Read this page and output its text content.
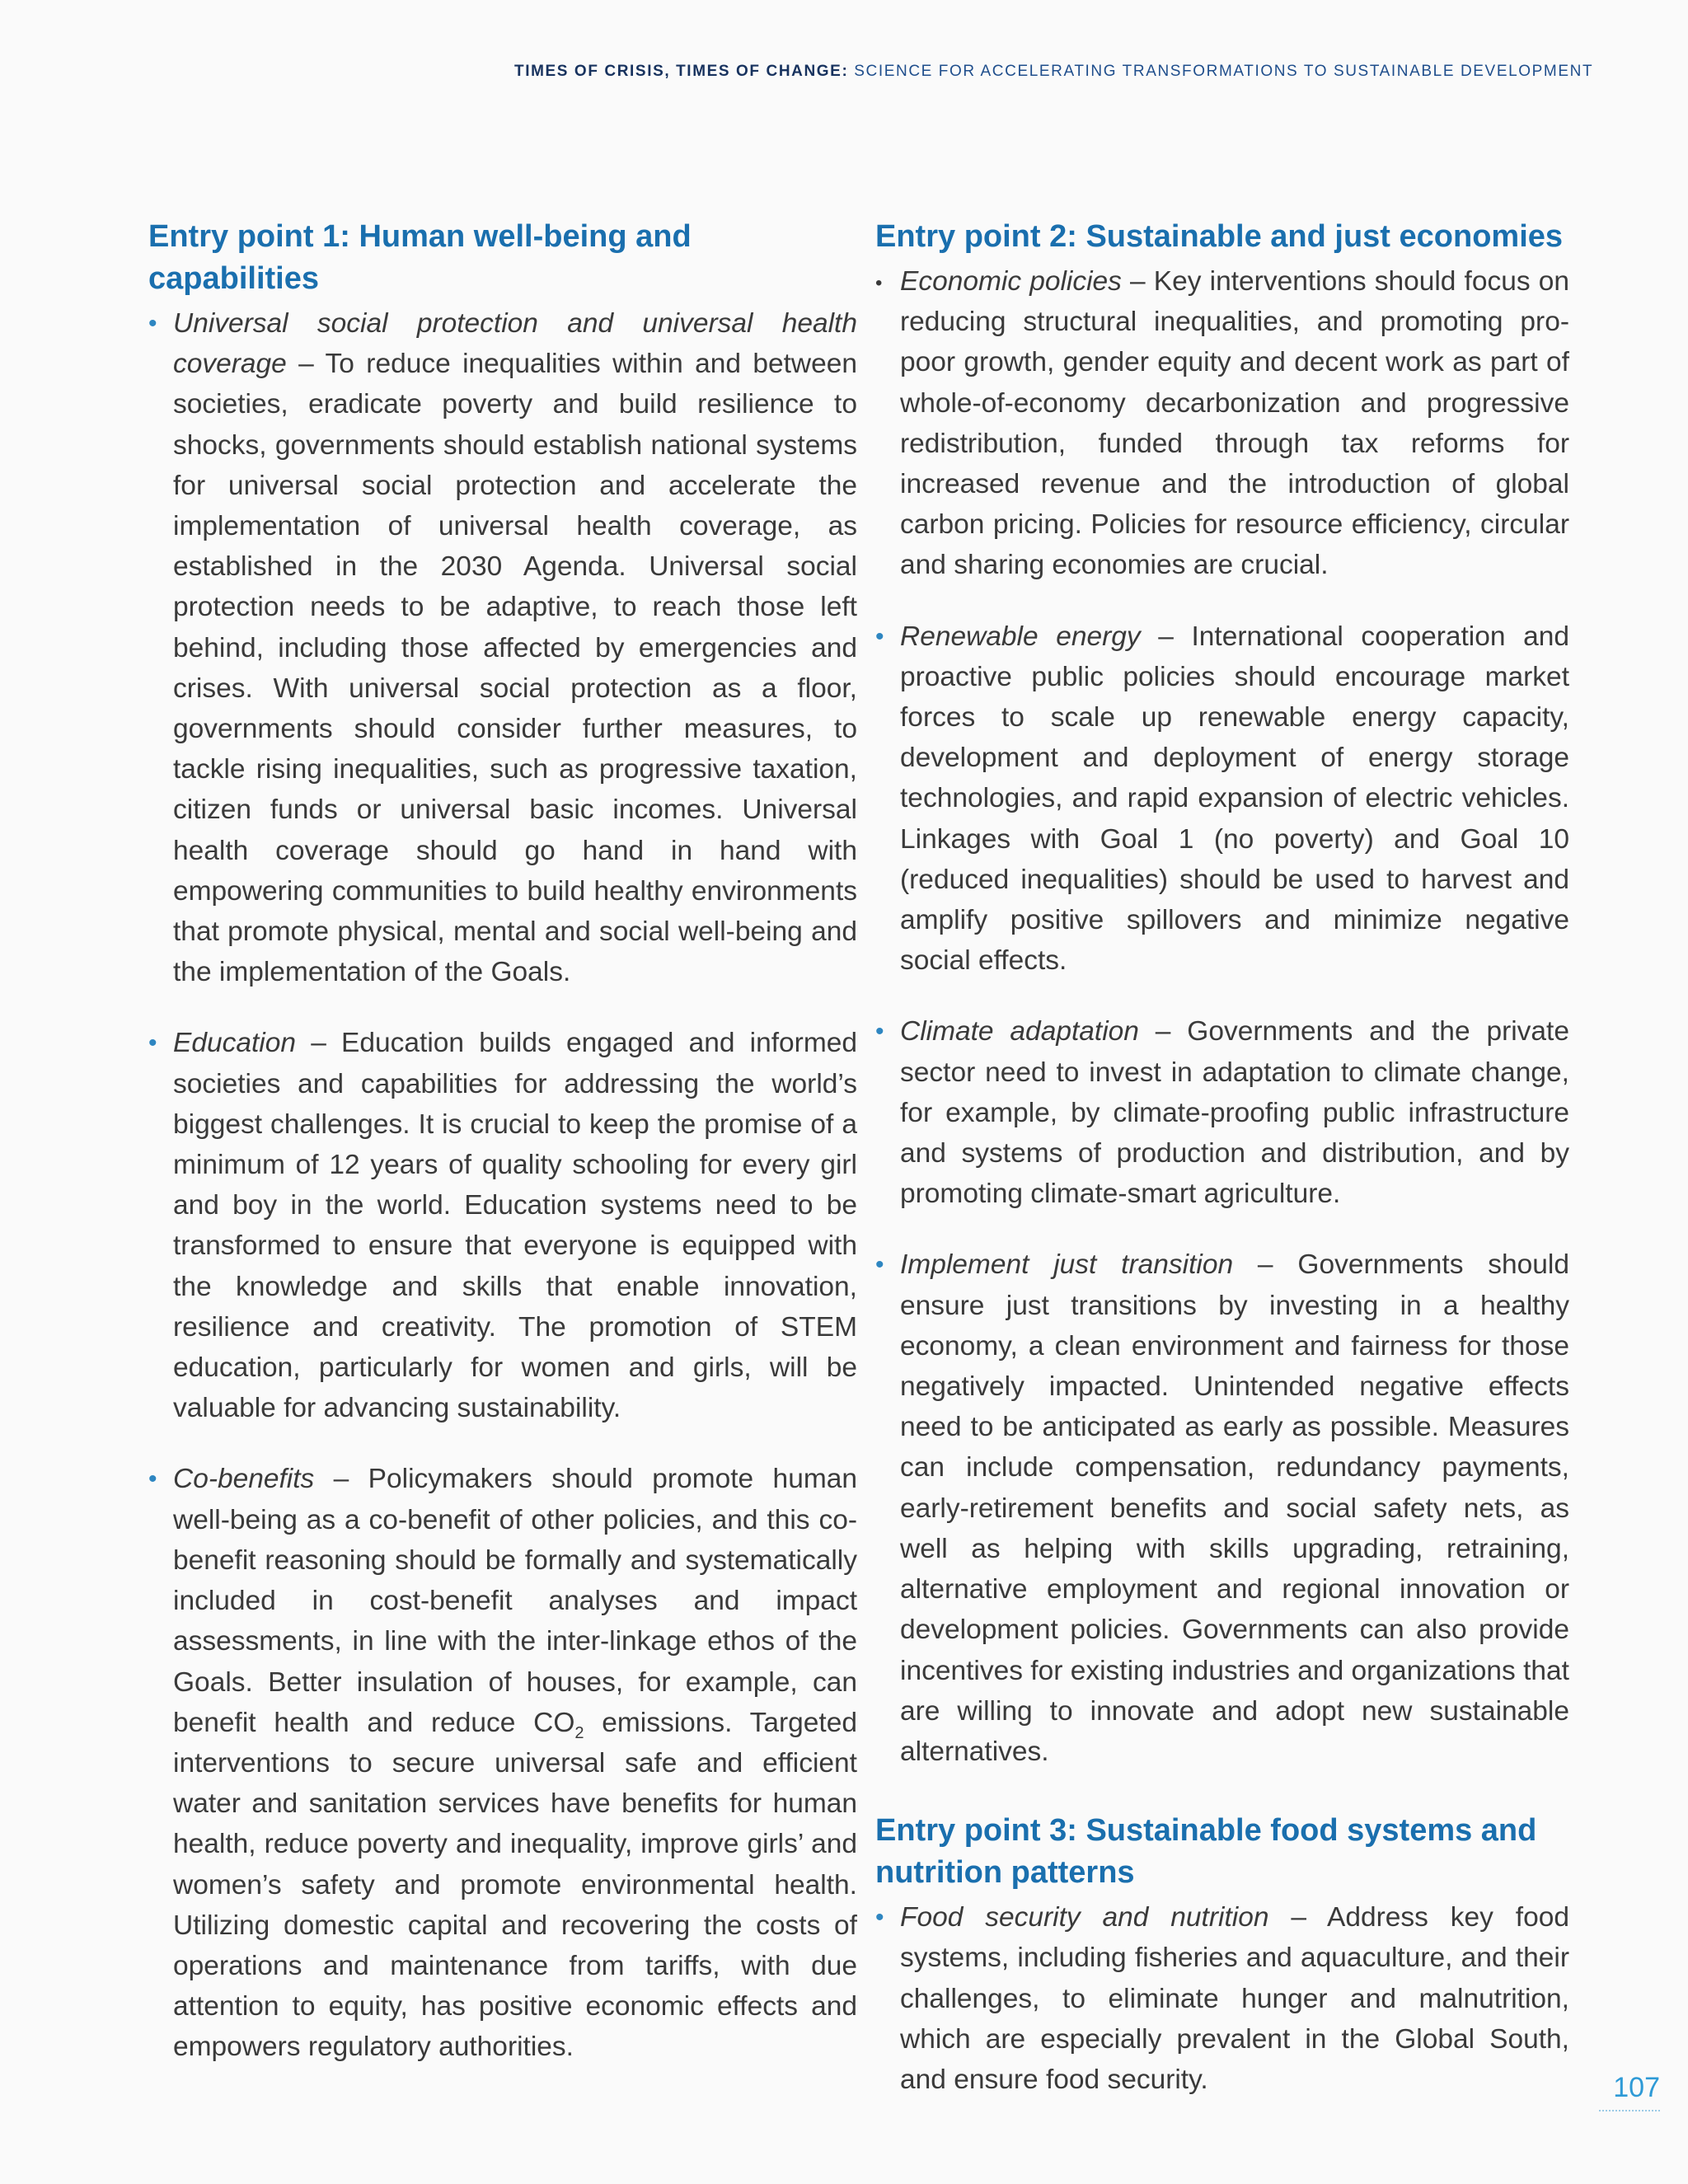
TIMES OF CRISIS, TIMES OF CHANGE: SCIENCE FOR ACCELERATING TRANSFORMATIONS TO SUSTAINABLE DEVELOPMENT
Entry point 1: Human well-being and capabilities
• Universal social protection and universal health coverage – To reduce inequalities within and between societies, eradicate poverty and build resilience to shocks, governments should establish national systems for universal social protection and accelerate the implementation of universal health coverage, as established in the 2030 Agenda. Universal social protection needs to be adaptive, to reach those left behind, including those affected by emergencies and crises. With universal social protection as a floor, governments should consider further measures, to tackle rising inequalities, such as progressive taxation, citizen funds or universal basic incomes. Universal health coverage should go hand in hand with empowering communities to build healthy environments that promote physical, mental and social well-being and the implementation of the Goals.
• Education – Education builds engaged and informed societies and capabilities for addressing the world’s biggest challenges. It is crucial to keep the promise of a minimum of 12 years of quality schooling for every girl and boy in the world. Education systems need to be transformed to ensure that everyone is equipped with the knowledge and skills that enable innovation, resilience and creativity. The promotion of STEM education, particularly for women and girls, will be valuable for advancing sustainability.
• Co-benefits – Policymakers should promote human well-being as a co-benefit of other policies, and this co-benefit reasoning should be formally and systematically included in cost-benefit analyses and impact assessments, in line with the inter-linkage ethos of the Goals. Better insulation of houses, for example, can benefit health and reduce $CO_2$ emissions. Targeted interventions to secure universal safe and efficient water and sanitation services have benefits for human health, reduce poverty and inequality, improve girls’ and women’s safety and promote environmental health. Utilizing domestic capital and recovering the costs of operations and maintenance from tariffs, with due attention to equity, has positive economic effects and empowers regulatory authorities.
Entry point 2: Sustainable and just economies
• Economic policies – Key interventions should focus on reducing structural inequalities, and promoting pro-poor growth, gender equity and decent work as part of whole-of-economy decarbonization and progressive redistribution, funded through tax reforms for increased revenue and the introduction of global carbon pricing. Policies for resource efficiency, circular and sharing economies are crucial.
• Renewable energy – International cooperation and proactive public policies should encourage market forces to scale up renewable energy capacity, development and deployment of energy storage technologies, and rapid expansion of electric vehicles. Linkages with Goal 1 (no poverty) and Goal 10 (reduced inequalities) should be used to harvest and amplify positive spillovers and minimize negative social effects.
• Climate adaptation – Governments and the private sector need to invest in adaptation to climate change, for example, by climate-proofing public infrastructure and systems of production and distribution, and by promoting climate-smart agriculture.
• Implement just transition – Governments should ensure just transitions by investing in a healthy economy, a clean environment and fairness for those negatively impacted. Unintended negative effects need to be anticipated as early as possible. Measures can include compensation, redundancy payments, early-retirement benefits and social safety nets, as well as helping with skills upgrading, retraining, alternative employment and regional innovation or development policies. Governments can also provide incentives for existing industries and organizations that are willing to innovate and adopt new sustainable alternatives.
Entry point 3: Sustainable food systems and nutrition patterns
• Food security and nutrition – Address key food systems, including fisheries and aquaculture, and their challenges, to eliminate hunger and malnutrition, which are especially prevalent in the Global South, and ensure food security.	107
